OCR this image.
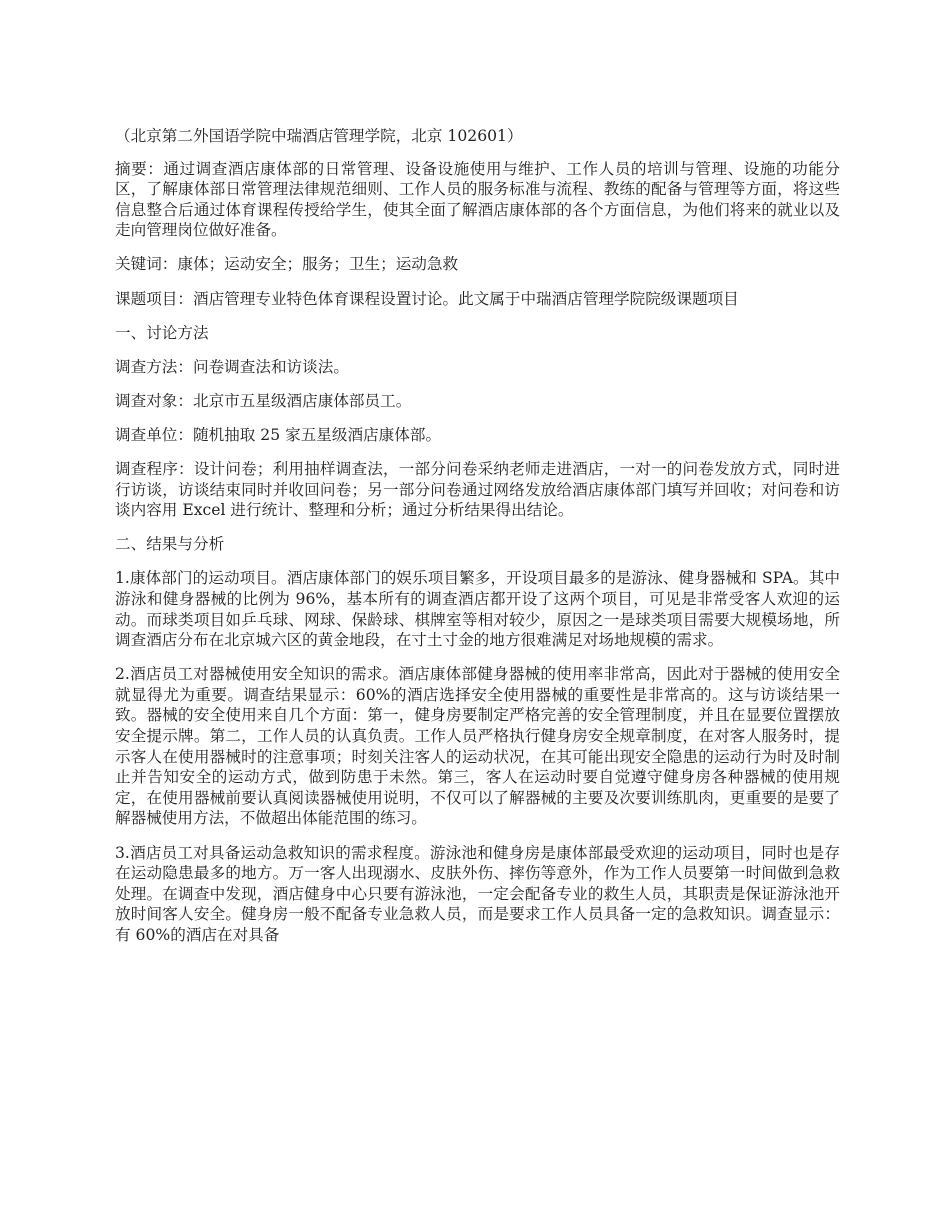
（北京第二外国语学院中瑞酒店管理学院，北京 102601）

摘要：通过调查酒店康体部的日常管理、设备设施使用与维护、工作人员的培训与管理、设施的功能分区，了解康体部日常管理法律规范细则、工作人员的服务标准与流程、教练的配备与管理等方面，将这些信息整合后通过体育课程传授给学生，使其全面了解酒店康体部的各个方面信息，为他们将来的就业以及走向管理岗位做好准备。

关键词：康体；运动安全；服务；卫生；运动急救

课题项目：酒店管理专业特色体育课程设置讨论。此文属于中瑞酒店管理学院院级课题项目

一、讨论方法

调查方法：问卷调查法和访谈法。

调查对象：北京市五星级酒店康体部员工。

调查单位：随机抽取 25 家五星级酒店康体部。

调查程序：设计问卷；利用抽样调查法，一部分问卷采纳老师走进酒店，一对一的问卷发放方式，同时进行访谈，访谈结束同时并收回问卷；另一部分问卷通过网络发放给酒店康体部门填写并回收；对问卷和访谈内容用 Excel 进行统计、整理和分析；通过分析结果得出结论。

二、结果与分析

1.康体部门的运动项目。酒店康体部门的娱乐项目繁多，开设项目最多的是游泳、健身器械和 SPA。其中游泳和健身器械的比例为 96%，基本所有的调查酒店都开设了这两个项目，可见是非常受客人欢迎的运动。而球类项目如乒乓球、网球、保龄球、棋牌室等相对较少，原因之一是球类项目需要大规模场地，所调查酒店分布在北京城六区的黄金地段，在寸土寸金的地方很难满足对场地规模的需求。

2.酒店员工对器械使用安全知识的需求。酒店康体部健身器械的使用率非常高，因此对于器械的使用安全就显得尤为重要。调查结果显示：60%的酒店选择安全使用器械的重要性是非常高的。这与访谈结果一致。器械的安全使用来自几个方面：第一，健身房要制定严格完善的安全管理制度，并且在显要位置摆放安全提示牌。第二，工作人员的认真负责。工作人员严格执行健身房安全规章制度，在对客人服务时，提示客人在使用器械时的注意事项；时刻关注客人的运动状况，在其可能出现安全隐患的运动行为时及时制止并告知安全的运动方式，做到防患于未然。第三，客人在运动时要自觉遵守健身房各种器械的使用规定，在使用器械前要认真阅读器械使用说明，不仅可以了解器械的主要及次要训练肌肉，更重要的是要了解器械使用方法，不做超出体能范围的练习。

3.酒店员工对具备运动急救知识的需求程度。游泳池和健身房是康体部最受欢迎的运动项目，同时也是存在运动隐患最多的地方。万一客人出现溺水、皮肤外伤、摔伤等意外，作为工作人员要第一时间做到急救处理。在调查中发现，酒店健身中心只要有游泳池，一定会配备专业的救生人员，其职责是保证游泳池开放时间客人安全。健身房一般不配备专业急救人员，而是要求工作人员具备一定的急救知识。调查显示：有 60%的酒店在对具备
